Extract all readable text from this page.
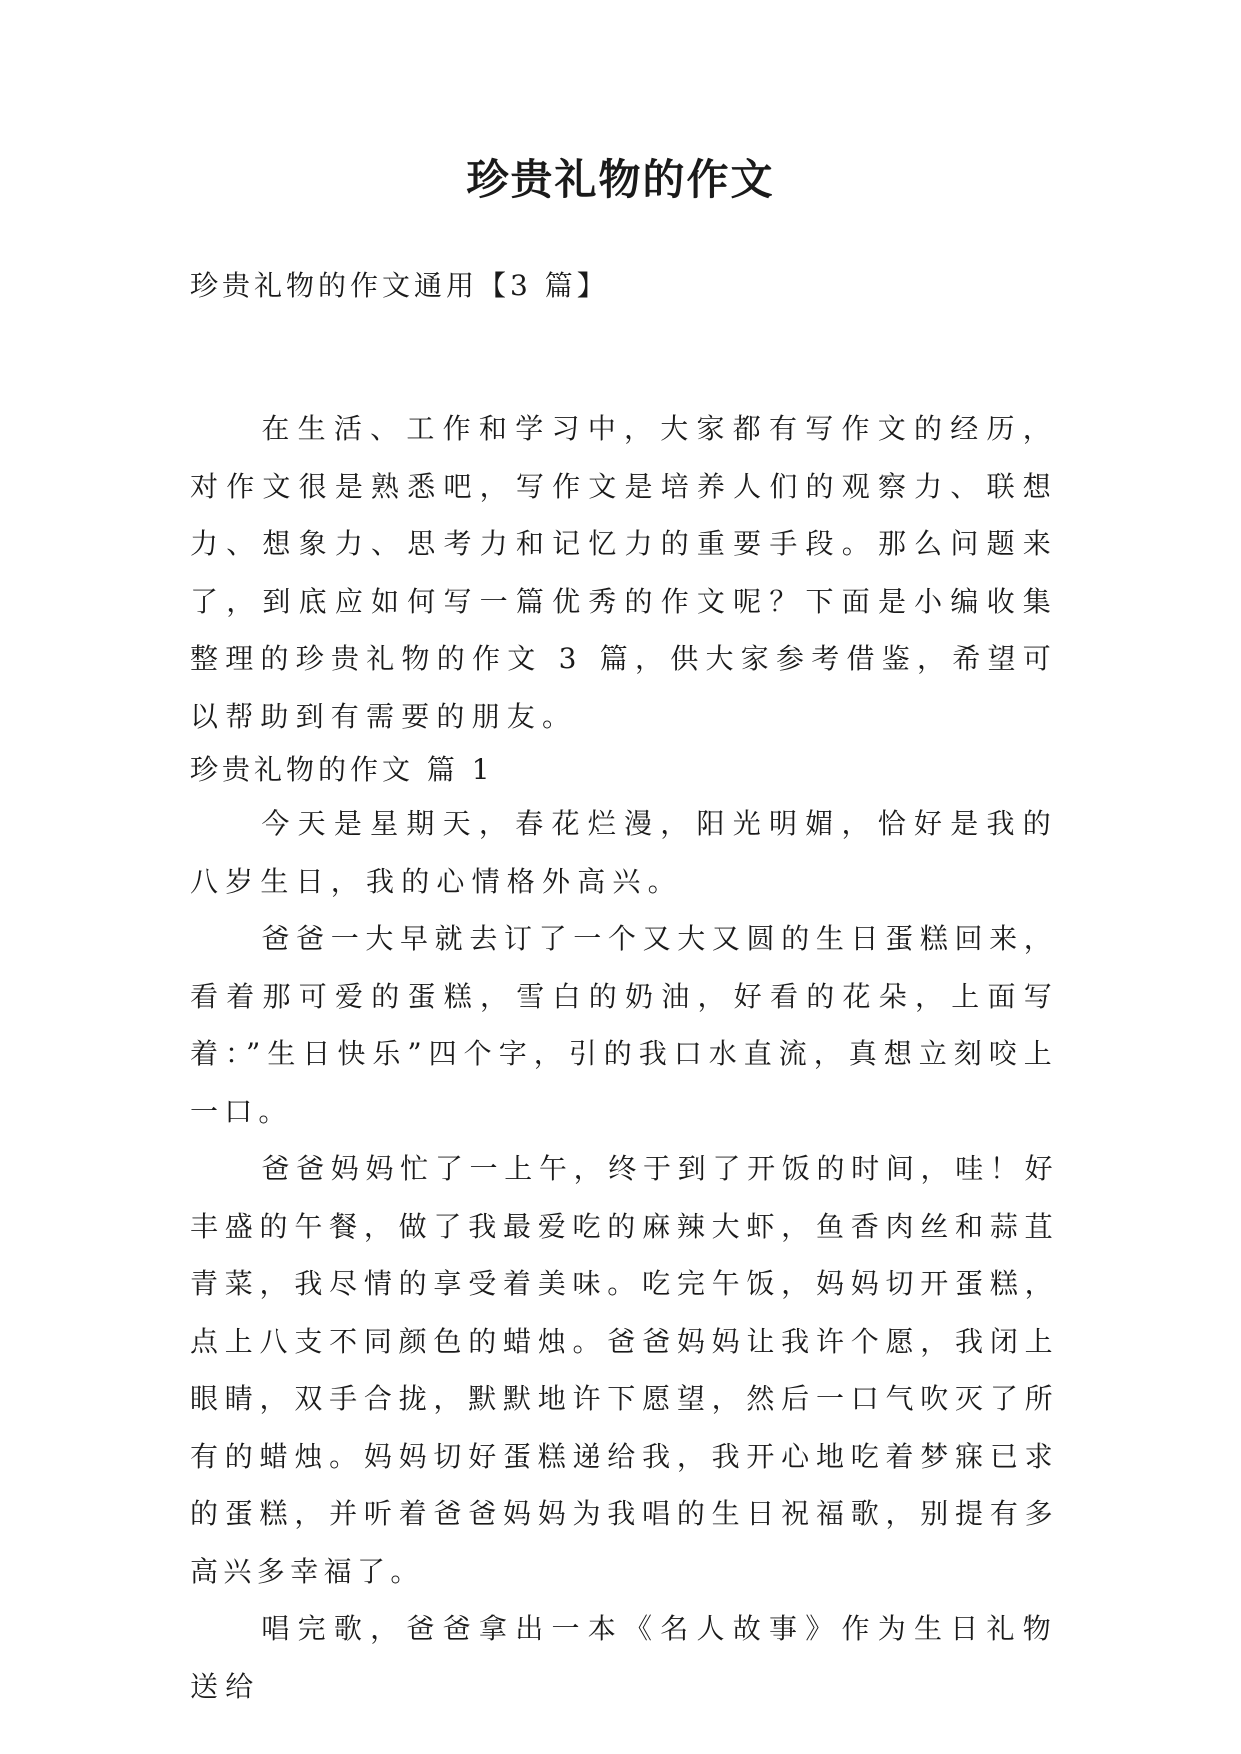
珍贵礼物的作文

珍贵礼物的作文通用【3 篇】

在生活、工作和学习中，大家都有写作文的经历，对作文很是熟悉吧，写作文是培养人们的观察力、联想力、想象力、思考力和记忆力的重要手段。那么问题来了，到底应如何写一篇优秀的作文呢？下面是小编收集整理的珍贵礼物的作文 3 篇，供大家参考借鉴，希望可以帮助到有需要的朋友。

珍贵礼物的作文 篇 1

今天是星期天，春花烂漫，阳光明媚，恰好是我的八岁生日，我的心情格外高兴。

爸爸一大早就去订了一个又大又圆的生日蛋糕回来，看着那可爱的蛋糕，雪白的奶油，好看的花朵，上面写着：”生日快乐”四个字，引的我口水直流，真想立刻咬上一口。

爸爸妈妈忙了一上午，终于到了开饭的时间，哇！好丰盛的午餐，做了我最爱吃的麻辣大虾，鱼香肉丝和蒜苴青菜，我尽情的享受着美味。吃完午饭，妈妈切开蛋糕，点上八支不同颜色的蜡烛。爸爸妈妈让我许个愿，我闭上眼睛，双手合拢，默默地许下愿望，然后一口气吹灭了所有的蜡烛。妈妈切好蛋糕递给我，我开心地吃着梦寐已求的蛋糕，并听着爸爸妈妈为我唱的生日祝福歌，别提有多高兴多幸福了。

唱完歌，爸爸拿出一本《名人故事》作为生日礼物送给
